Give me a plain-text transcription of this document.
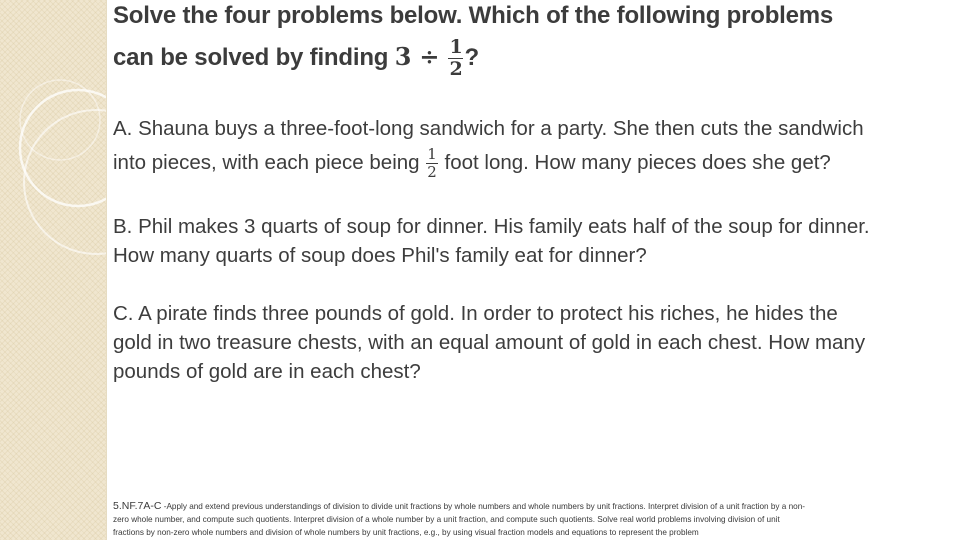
Solve the four problems below. Which of the following problems
can be solved by finding $3 \div \frac{1}{2}$ ?
A. Shauna buys a three-foot-long sandwich for a party. She then cuts the sandwich
into pieces, with each piece being $\frac{1}{2}$ foot long. How many pieces does she get?
B. Phil makes 3 quarts of soup for dinner. His family eats half of the soup for dinner.
How many quarts of soup does Phil's family eat for dinner?
C. A pirate finds three pounds of gold. In order to protect his riches, he hides the
gold in two treasure chests, with an equal amount of gold in each chest. How many
pounds of gold are in each chest?
5.NF.7A-C -Apply and extend previous understandings of division to divide unit fractions by whole numbers and whole numbers by unit fractions. Interpret division of a unit fraction by a non-
zero whole number, and compute such quotients. Interpret division of a whole number by a unit fraction, and compute such quotients. Solve real world problems involving division of unit
fractions by non-zero whole numbers and division of whole numbers by unit fractions, e.g., by using visual fraction models and equations to represent the problem
